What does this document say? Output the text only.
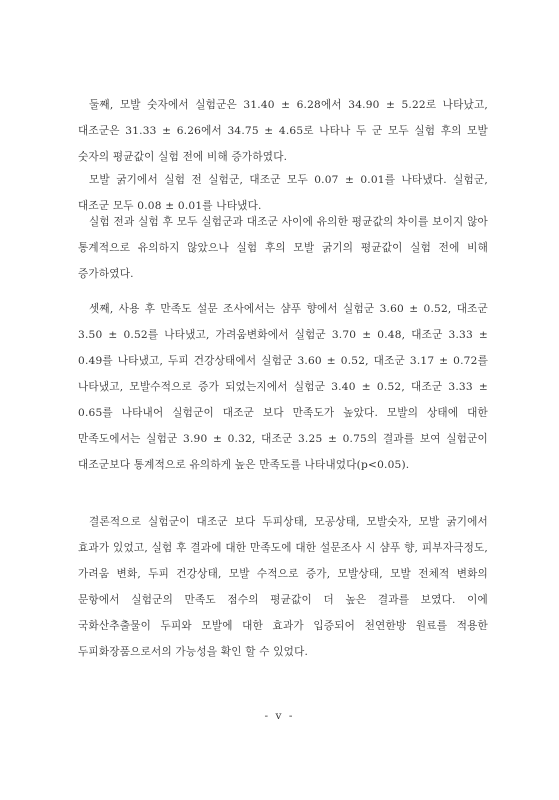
둘째, 모발 숫자에서 실험군은 31.40 ± 6.28에서 34.90 ± 5.22로 나타났고, 대조군은 31.33 ± 6.26에서 34.75 ± 4.65로 나타나 두 군 모두 실험 후의 모발 숫자의 평균값이 실험 전에 비해 증가하였다.

모발 굵기에서 실험 전 실험군, 대조군 모두 0.07 ± 0.01를 나타냈다. 실험군, 대조군 모두 0.08 ± 0.01를 나타냈다.

실험 전과 실험 후 모두 실험군과 대조군 사이에 유의한 평균값의 차이를 보이지 않아 통계적으로 유의하지 않았으나 실험 후의 모발 굵기의 평균값이 실험 전에 비해 증가하였다.

셋째, 사용 후 만족도 설문 조사에서는 샴푸 향에서 실험군 3.60 ± 0.52, 대조군 3.50 ± 0.52를 나타냈고, 가려움변화에서 실험군 3.70 ± 0.48, 대조군 3.33 ± 0.49를 나타냈고, 두피 건강상태에서 실험군 3.60 ± 0.52, 대조군 3.17 ± 0.72를 나타냈고, 모발수적으로 증가 되었는지에서 실험군 3.40 ± 0.52, 대조군 3.33 ± 0.65를 나타내어 실험군이 대조군 보다 만족도가 높았다. 모발의 상태에 대한 만족도에서는 실험군 3.90 ± 0.32, 대조군 3.25 ± 0.75의 결과를 보여 실험군이 대조군보다 통계적으로 유의하게 높은 만족도를 나타내었다(p<0.05).

결론적으로 실험군이 대조군 보다 두피상태, 모공상태, 모발숫자, 모발 굵기에서 효과가 있었고, 실험 후 결과에 대한 만족도에 대한 설문조사 시 샴푸 향, 피부자극정도, 가려움 변화, 두피 건강상태, 모발 수적으로 증가, 모발상태, 모발 전체적 변화의 문항에서 실험군의 만족도 점수의 평균값이 더 높은 결과를 보였다. 이에 국화산추출물이 두피와 모발에 대한 효과가 입증되어 천연한방 원료를 적용한 두피화장품으로서의 가능성을 확인 할 수 있었다.

- v -
